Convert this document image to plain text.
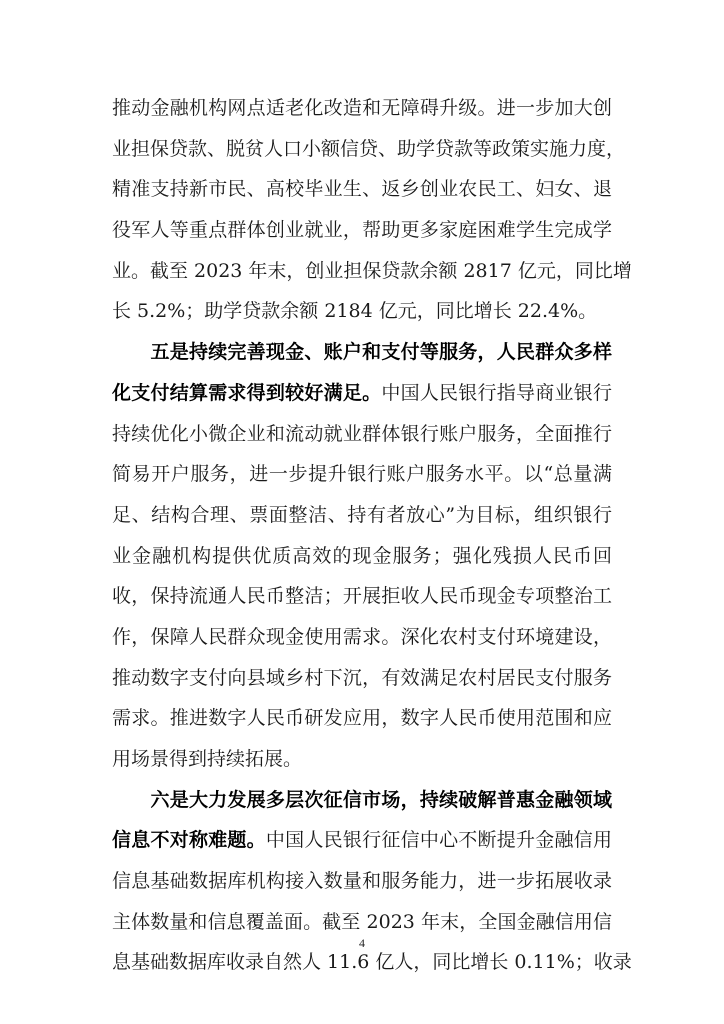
推动金融机构网点适老化改造和无障碍升级。进一步加大创
业担保贷款、脱贫人口小额信贷、助学贷款等政策实施力度，
精准支持新市民、高校毕业生、返乡创业农民工、妇女、退
役军人等重点群体创业就业，帮助更多家庭困难学生完成学
业。截至 2023 年末，创业担保贷款余额 2817 亿元，同比增
长 5.2%；助学贷款余额 2184 亿元，同比增长 22.4%。
　　五是持续完善现金、账户和支付等服务，人民群众多样
化支付结算需求得到较好满足。中国人民银行指导商业银行
持续优化小微企业和流动就业群体银行账户服务，全面推行
简易开户服务，进一步提升银行账户服务水平。以“总量满
足、结构合理、票面整洁、持有者放心”为目标，组织银行
业金融机构提供优质高效的现金服务；强化残损人民币回
收，保持流通人民币整洁；开展拒收人民币现金专项整治工
作，保障人民群众现金使用需求。深化农村支付环境建设，
推动数字支付向县域乡村下沉，有效满足农村居民支付服务
需求。推进数字人民币研发应用，数字人民币使用范围和应
用场景得到持续拓展。
　　六是大力发展多层次征信市场，持续破解普惠金融领域
信息不对称难题。中国人民银行征信中心不断提升金融信用
信息基础数据库机构接入数量和服务能力，进一步拓展收录
主体数量和信息覆盖面。截至 2023 年末，全国金融信用信
息基础数据库收录自然人 11.6 亿人，同比增长 0.11%；收录
4
